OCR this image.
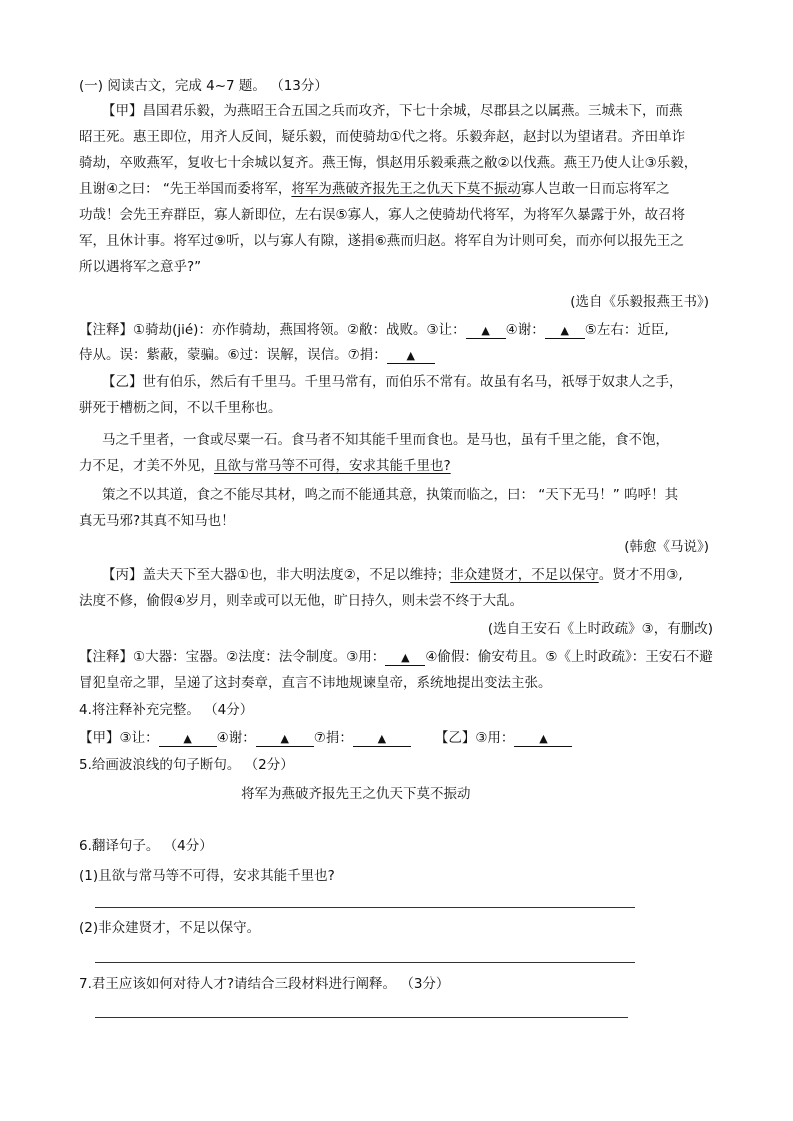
(一) 阅读古文，完成 4~7 题。 （13分）
【甲】昌国君乐毅，为燕昭王合五国之兵而攻齐，下七十余城，尽郡县之以属燕。三城未下，而燕
昭王死。惠王即位，用齐人反间，疑乐毅，而使骑劫①代之将。乐毅奔赵，赵封以为望诸君。齐田单诈
骑劫，卒败燕军，复收七十余城以复齐。燕王悔，惧赵用乐毅乘燕之敝②以伐燕。燕王乃使人让③乐毅，
且谢④之曰： “先王举国而委将军，将军为燕破齐报先王之仇天下莫不振动寡人岂敢一日而忘将军之
功哉！会先王弃群臣，寡人新即位，左右误⑤寡人，寡人之使骑劫代将军，为将军久暴露于外，故召将
军，且休计事。将军过⑨听，以与寡人有隙，遂捐⑥燕而归赵。将军自为计则可矣，而亦何以报先王之
所以遇将军之意乎?”
(选自《乐毅报燕王书》)
【注释】①骑劫(jié)：亦作骑劫，燕国将领。②敝：战败。③让： ▲ ④谢： ▲ ⑤左右：近臣,
侍从。误：紫蔽，蒙骗。⑥过：误解，误信。⑦捐： ▲
【乙】世有伯乐，然后有千里马。千里马常有，而伯乐不常有。故虽有名马，祇辱于奴隶人之手，
骈死于槽枥之间，不以千里称也。
马之千里者，一食或尽粟一石。食马者不知其能千里而食也。是马也，虽有千里之能，食不饱，
力不足，才美不外见，且欲与常马等不可得，安求其能千里也?
策之不以其道，食之不能尽其材，鸣之而不能通其意，执策而临之，曰： “天下无马！” 呜呼！其
真无马邪?其真不知马也！
(韩愈《马说》)
【丙】盖夫天下至大器①也，非大明法度②，不足以维持；非众建贤才，不足以保守。贤才不用③,
法度不修，偷假④岁月，则幸或可以无他，旷日持久，则未尝不终于大乱。
(选自王安石《上时政疏》③，有删改)
【注释】①大器：宝器。②法度：法令制度。③用： ▲ ④偷假：偷安苟且。⑤《上时政疏》：王安石不避
冒犯皇帝之罪，呈递了这封奏章，直言不讳地规谏皇帝，系统地提出变法主张。
4.将注释补充完整。 （4分）
【甲】③让： ▲ ④谢： ▲ ⑦捐： ▲	【乙】③用： ▲
5.给画波浪线的句子断句。 （2分）
将军为燕破齐报先王之仇天下莫不振动
6.翻译句子。 （4分）
(1)且欲与常马等不可得，安求其能千里也?
(2)非众建贤才，不足以保守。
7.君王应该如何对待人才?请结合三段材料进行阐释。 （3分）
